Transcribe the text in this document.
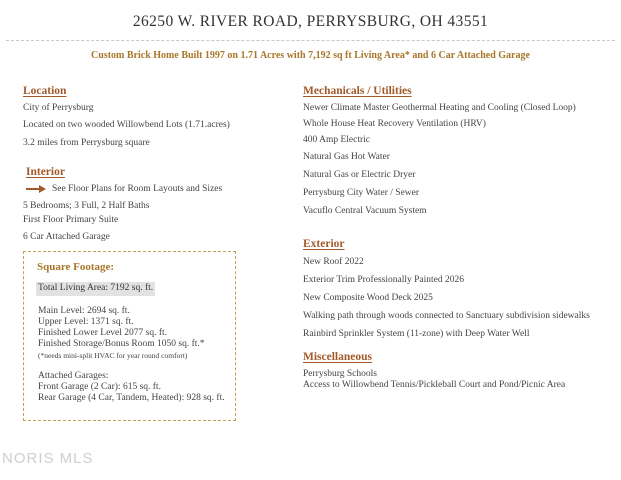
26250 W. RIVER ROAD, PERRYSBURG, OH 43551
Custom Brick Home Built 1997 on 1.71 Acres with 7,192 sq ft Living Area* and 6 Car Attached Garage
Location
City of Perrysburg
Located on two wooded Willowbend Lots (1.71.acres)
3.2 miles from Perrysburg square
Interior
See Floor Plans for Room Layouts and Sizes
5 Bedrooms; 3 Full, 2 Half Baths
First Floor Primary Suite
6 Car Attached Garage
Square Footage:
Total Living Area: 7192 sq. ft.
Main Level: 2694 sq. ft.
Upper Level: 1371 sq. ft.
Finished Lower Level 2077 sq. ft.
Finished Storage/Bonus Room 1050 sq. ft.*
(*needs mini-split HVAC for year round comfort)
Attached Garages:
Front Garage (2 Car): 615 sq. ft.
Rear Garage (4 Car, Tandem, Heated): 928 sq. ft.
Mechanicals / Utilities
Newer Climate Master Geothermal Heating and Cooling (Closed Loop)
Whole House Heat Recovery Ventilation (HRV)
400 Amp Electric
Natural Gas Hot Water
Natural Gas or Electric Dryer
Perrysburg City Water / Sewer
Vacuflo Central Vacuum System
Exterior
New Roof 2022
Exterior Trim Professionally Painted 2026
New Composite Wood Deck 2025
Walking path through woods connected to Sanctuary subdivision sidewalks
Rainbird Sprinkler System (11-zone) with Deep Water Well
Miscellaneous
Perrysburg Schools
Access to Willowbend Tennis/Pickleball Court and Pond/Picnic Area
NORIS MLS
